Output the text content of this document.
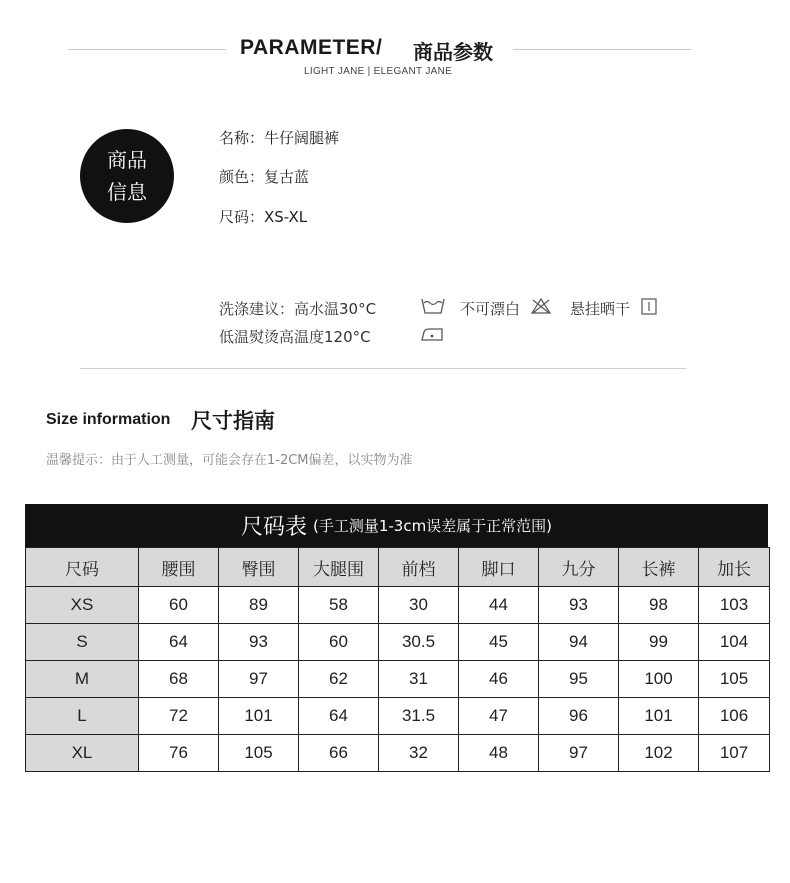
PARAMETER/ 商品参数
LIGHT JANE | ELEGANT JANE
商品
信息
名称：牛仔阔腿裤
颜色：复古蓝
尺码：XS-XL
洗涤建议：高水温30°C	不可漂白	悬挂晒干
低温熨烫高温度120°C
Size information 尺寸指南
温馨提示：由于人工测量，可能会存在1-2CM偏差，以实物为准
尺码表 (手工测量1-3cm误差属于正常范围)
尺码	腰围	臀围	大腿围	前档	脚口	九分	长裤	加长
XS	60	89	58	30	44	93	98	103
S	64	93	60	30.5	45	94	99	104
M	68	97	62	31	46	95	100	105
L	72	101	64	31.5	47	96	101	106
XL	76	105	66	32	48	97	102	107
